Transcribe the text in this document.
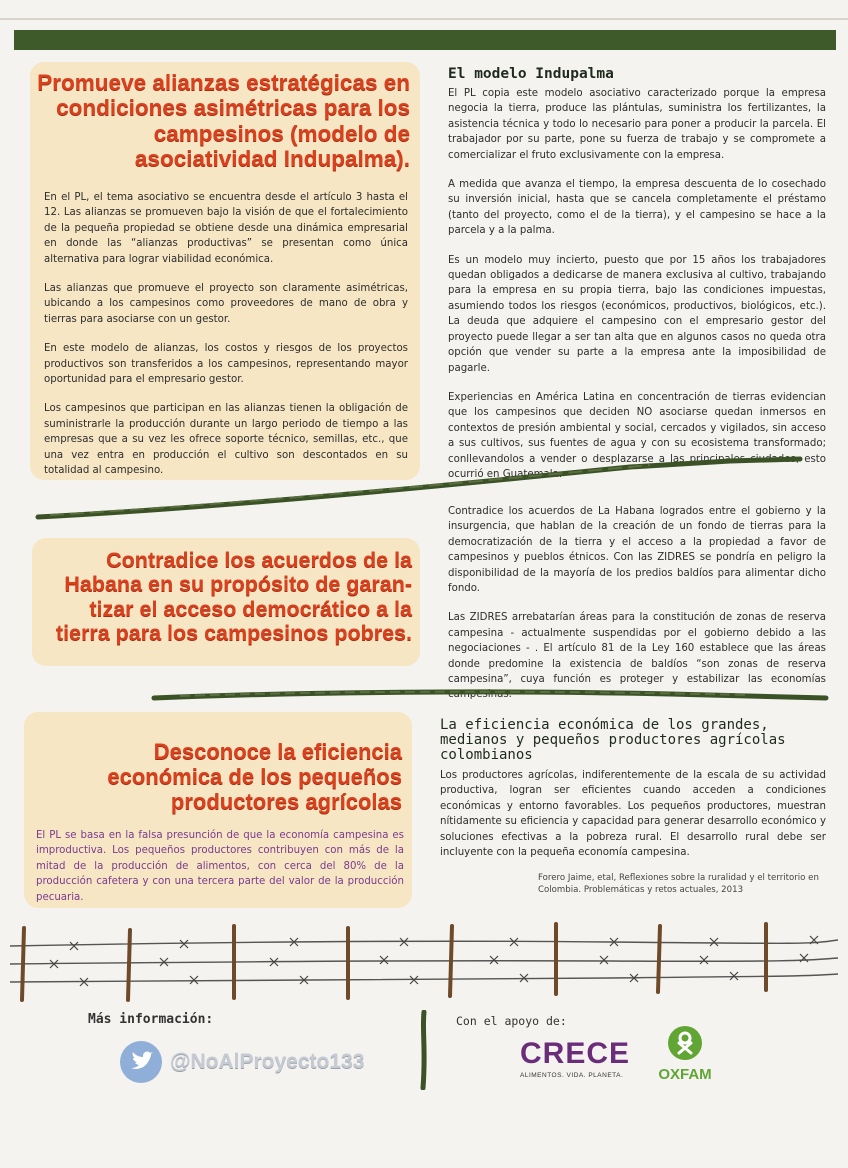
Promueve alianzas estratégicas en
condiciones asimétricas para los
campesinos (modelo de
asociatividad Indupalma).

En el PL, el tema asociativo se encuentra desde el artículo 3 hasta el 12. Las alianzas se promueven bajo la visión de que el fortalecimiento de la pequeña propiedad se obtiene desde una dinámica empresarial en donde las “alianzas productivas” se presentan como única alternativa para lograr viabilidad económica.

Las alianzas que promueve el proyecto son claramente asimétricas, ubicando a los campesinos como proveedores de mano de obra y tierras para asociarse con un gestor.

En este modelo de alianzas, los costos y riesgos de los proyectos productivos son transferidos a los campesinos, representando mayor oportunidad para el empresario gestor.

Los campesinos que participan en las alianzas tienen la obligación de suministrarle la producción durante un largo periodo de tiempo a las empresas que a su vez les ofrece soporte técnico, semillas, etc., que una vez entra en producción el cultivo son descontados en su totalidad al campesino.

El modelo Indupalma

El PL copia este modelo asociativo caracterizado porque la empresa negocia la tierra, produce las plántulas, suministra los fertilizantes, la asistencia técnica y todo lo necesario para poner a producir la parcela. El trabajador por su parte, pone su fuerza de trabajo y se compromete a comercializar el fruto exclusivamente con la empresa.

A medida que avanza el tiempo, la empresa descuenta de lo cosechado su inversión inicial, hasta que se cancela completamente el préstamo (tanto del proyecto, como el de la tierra), y el campesino se hace a la parcela y a la palma.

Es un modelo muy incierto, puesto que por 15 años los trabajadores quedan obligados a dedicarse de manera exclusiva al cultivo, trabajando para la empresa en su propia tierra, bajo las condiciones impuestas, asumiendo todos los riesgos (económicos, productivos, biológicos, etc.). La deuda que adquiere el campesino con el empresario gestor del proyecto puede llegar a ser tan alta que en algunos casos no queda otra opción que vender su parte a la empresa ante la imposibilidad de pagarle.

Experiencias en América Latina en concentración de tierras evidencian que los campesinos que deciden NO asociarse quedan inmersos en contextos de presión ambiental y social, cercados y vigilados, sin acceso a sus cultivos, sus fuentes de agua y con su ecosistema transformado; conllevandolos a vender o desplazarse a las principales ciudades, esto ocurrió en Guatemala.

Contradice los acuerdos de la
Habana en su propósito de garan-
tizar el acceso democrático a la
tierra para los campesinos pobres.

Contradice los acuerdos de La Habana logrados entre el gobierno y la insurgencia, que hablan de la creación de un fondo de tierras para la democratización de la tierra y el acceso a la propiedad a favor de campesinos y pueblos étnicos. Con las ZIDRES se pondría en peligro la disponibilidad de la mayoría de los predios baldíos para alimentar dicho fondo.

Las ZIDRES arrebatarían áreas para la constitución de zonas de reserva campesina - actualmente suspendidas por el gobierno debido a las negociaciones - . El artículo 81 de la Ley 160 establece que las áreas donde predomine la existencia de baldíos “son zonas de reserva campesina”, cuya función es proteger y estabilizar las economías campesinas.

Desconoce la eficiencia
económica de los pequeños
productores agrícolas

El PL se basa en la falsa presunción de que la economía campesina es improductiva. Los pequeños productores contribuyen con más de la mitad de la producción de alimentos, con cerca del 80% de la producción cafetera y con una tercera parte del valor de la producción pecuaria.

La eficiencia económica de los grandes,
medianos y pequeños productores agrícolas
colombianos

Los productores agrícolas, indiferentemente de la escala de su actividad productiva, logran ser eficientes cuando acceden a condiciones económicas y entorno favorables. Los pequeños productores, muestran nítidamente su eficiencia y capacidad para generar desarrollo económico y soluciones efectivas a la pobreza rural. El desarrollo rural debe ser incluyente con la pequeña economía campesina.

Forero Jaime, etal, Reflexiones sobre la ruralidad y el territorio en
Colombia. Problemáticas y retos actuales, 2013
Más información:
@NoAlProyecto133
Con el apoyo de:
CRECE
ALIMENTOS. VIDA. PLANETA.	OXFAM
